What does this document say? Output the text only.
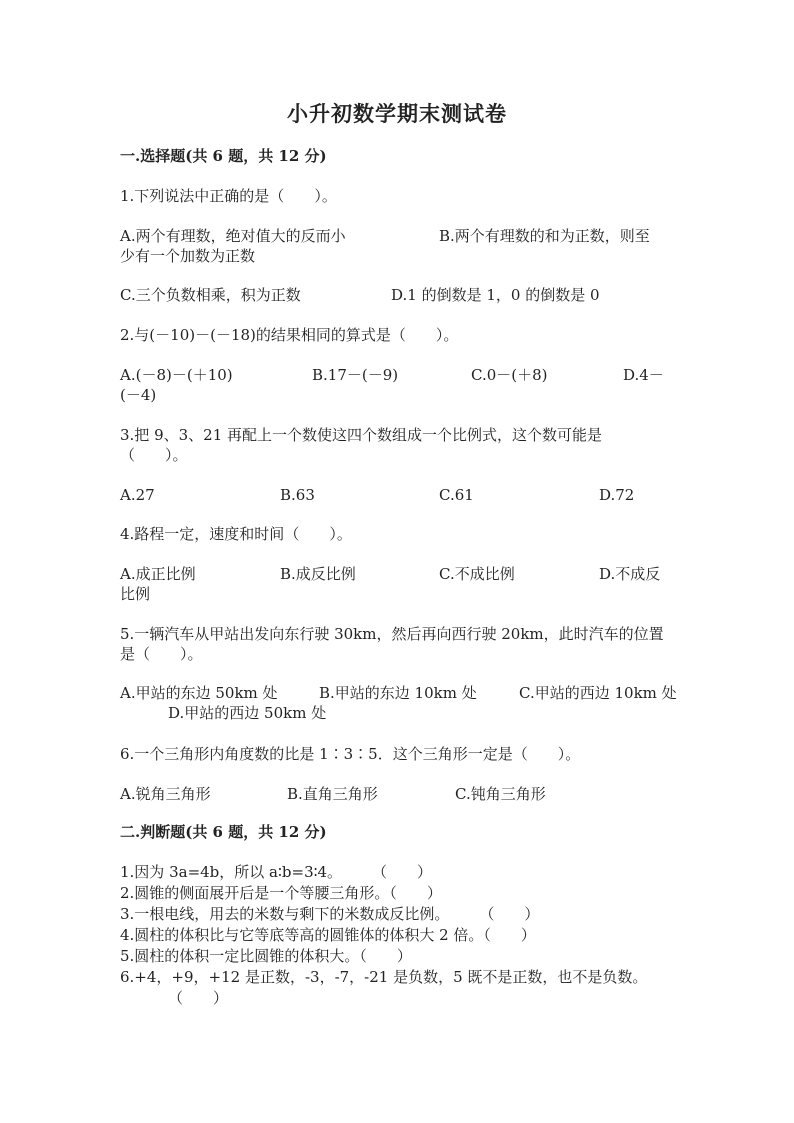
小升初数学期末测试卷
一.选择题(共 6 题，共 12 分)
1.下列说法中正确的是（　　）。
A.两个有理数，绝对值大的反而小	B.两个有理数的和为正数，则至
少有一个加数为正数
C.三个负数相乘，积为正数	D.1 的倒数是 1，0 的倒数是 0
2.与(－10)－(－18)的结果相同的算式是（　　）。
A.(－8)－(＋10)	B.17－(－9)	C.0－(＋8)	D.4－
(－4)
3.把 9、3、21 再配上一个数使这四个数组成一个比例式，这个数可能是
（　　）。
A.27	B.63	C.61	D.72
4.路程一定，速度和时间（　　）。
A.成正比例	B.成反比例	C.不成比例	D.不成反
比例
5.一辆汽车从甲站出发向东行驶 30km，然后再向西行驶 20km，此时汽车的位置
是（　　）。
A.甲站的东边 50km 处	B.甲站的东边 10km 处	C.甲站的西边 10km 处
D.甲站的西边 50km 处
6.一个三角形内角度数的比是 1∶3∶5．这个三角形一定是（　　）。
A.锐角三角形	B.直角三角形	C.钝角三角形
二.判断题(共 6 题，共 12 分)
1.因为 3a=4b，所以 a∶b=3∶4。　　　（　　）
2.圆锥的侧面展开后是一个等腰三角形。（　　）
3.一根电线，用去的米数与剩下的米数成反比例。　　　（　　）
4.圆柱的体积比与它等底等高的圆锥体的体积大 2 倍。（　　）
5.圆柱的体积一定比圆锥的体积大。（　　）
6.+4，+9，+12 是正数，-3，-7，-21 是负数，5 既不是正数，也不是负数。
（　　）
